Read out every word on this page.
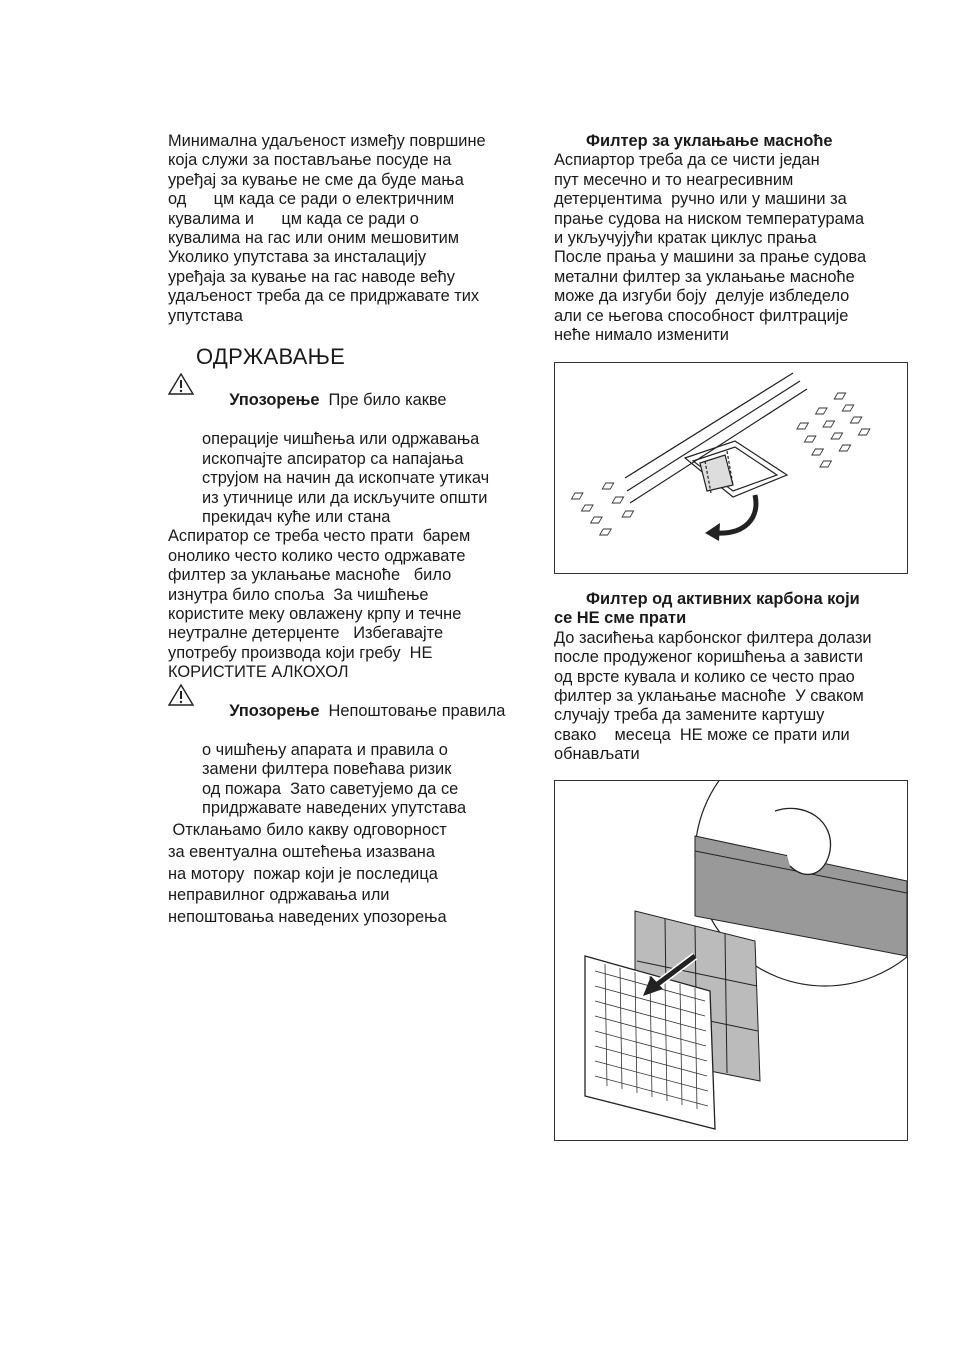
Минимална удаљеност између површине
која служи за постављање посуде на
уређај за кување не сме да буде мања
од      цм када се ради о електричним
кувалима и      цм када се ради о
кувалима на гас или оним мешовитим
Уколико упутстава за инсталацију
уређаја за кување на гас наводе већу
удаљеност треба да се придржавате тих
упутстава
ОДРЖАВАЊЕ

Упозорење  Пре било какве

операције чишћења или одржавања
ископчајте апсиратор са напајања
струјом на начин да ископчате утикач
из утичнице или да искључите општи
прекидач куће или стана
Аспиратор се треба често прати  барем
онолико често колико често одржавате
филтер за уклањање масноће   било
изнутра било споља  За чишћење
користите меку овлажену крпу и течне
неутралне детерџенте   Избегавајте
употребу производа који гребу  НЕ
КОРИСТИТЕ АЛКОХОЛ

Упозорење  Непоштовање правила

о чишћењу апарата и правила о
замени филтера повећава ризик
од пожара  Зато саветујемо да се
придржавате наведених упутстава
Отклањамо било какву одговорност
за евентуална оштећења изазвана
на мотору  пожар који је последица
неправилног одржавања или
непоштовања наведених упозорења
Филтер за уклањање масноће
Аспиартор треба да се чисти један
пут месечно и то неагресивним
детерџентима  ручно или у машини за
прање судова на ниском температурама
и укључујући кратак циклус прања
После прања у машини за прање судова
метални филтер за уклањање масноће
може да изгуби боју  делује избледело
али се његова способност филтрације
неће нимало изменити
Филтер од активних карбона који
се НЕ сме прати
До засићења карбонског филтера долази
после продуженог коришћења а зависти
од врсте кувала и колико се често прао
филтер за уклањање масноће  У сваком
случају треба да замените картушу
свако    месеца  НЕ може се прати или
обнављати
